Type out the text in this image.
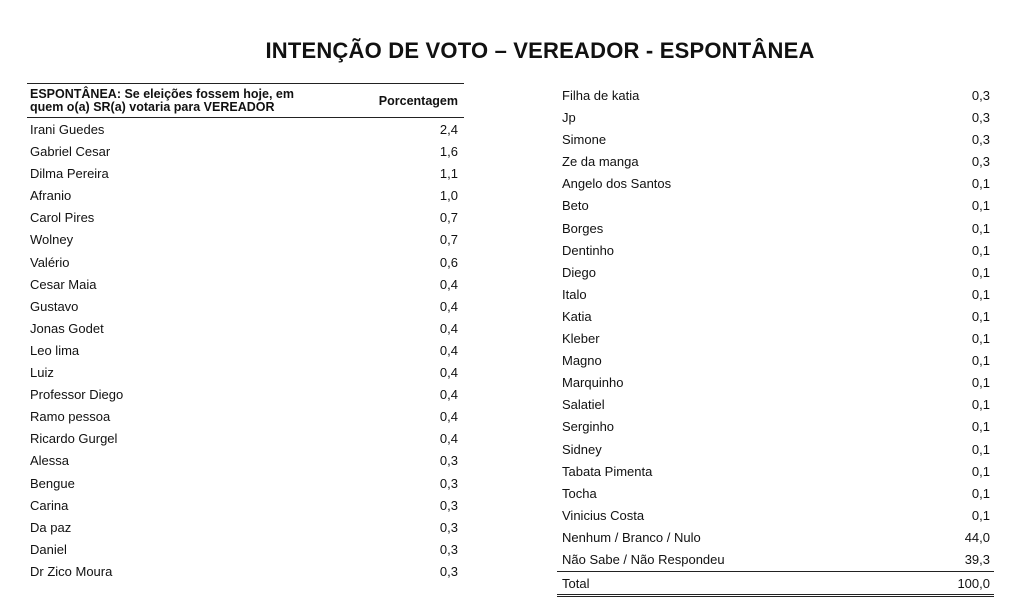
INTENÇÃO DE VOTO – VEREADOR - ESPONTÂNEA
ESPONTÂNEA: Se eleições fossem hoje, em quem o(a) SR(a) votaria para VEREADOR	Porcentagem
Irani Guedes	2,4
Gabriel Cesar	1,6
Dilma Pereira	1,1
Afranio	1,0
Carol Pires	0,7
Wolney	0,7
Valério	0,6
Cesar Maia	0,4
Gustavo	0,4
Jonas Godet	0,4
Leo lima	0,4
Luiz	0,4
Professor Diego	0,4
Ramo pessoa	0,4
Ricardo Gurgel	0,4
Alessa	0,3
Bengue	0,3
Carina	0,3
Da paz	0,3
Daniel	0,3
Dr Zico Moura	0,3
Filha de katia	0,3
Jp	0,3
Simone	0,3
Ze da manga	0,3
Angelo dos Santos	0,1
Beto	0,1
Borges	0,1
Dentinho	0,1
Diego	0,1
Italo	0,1
Katia	0,1
Kleber	0,1
Magno	0,1
Marquinho	0,1
Salatiel	0,1
Serginho	0,1
Sidney	0,1
Tabata Pimenta	0,1
Tocha	0,1
Vinicius Costa	0,1
Nenhum / Branco / Nulo	44,0
Não Sabe / Não Respondeu	39,3
Total	100,0
